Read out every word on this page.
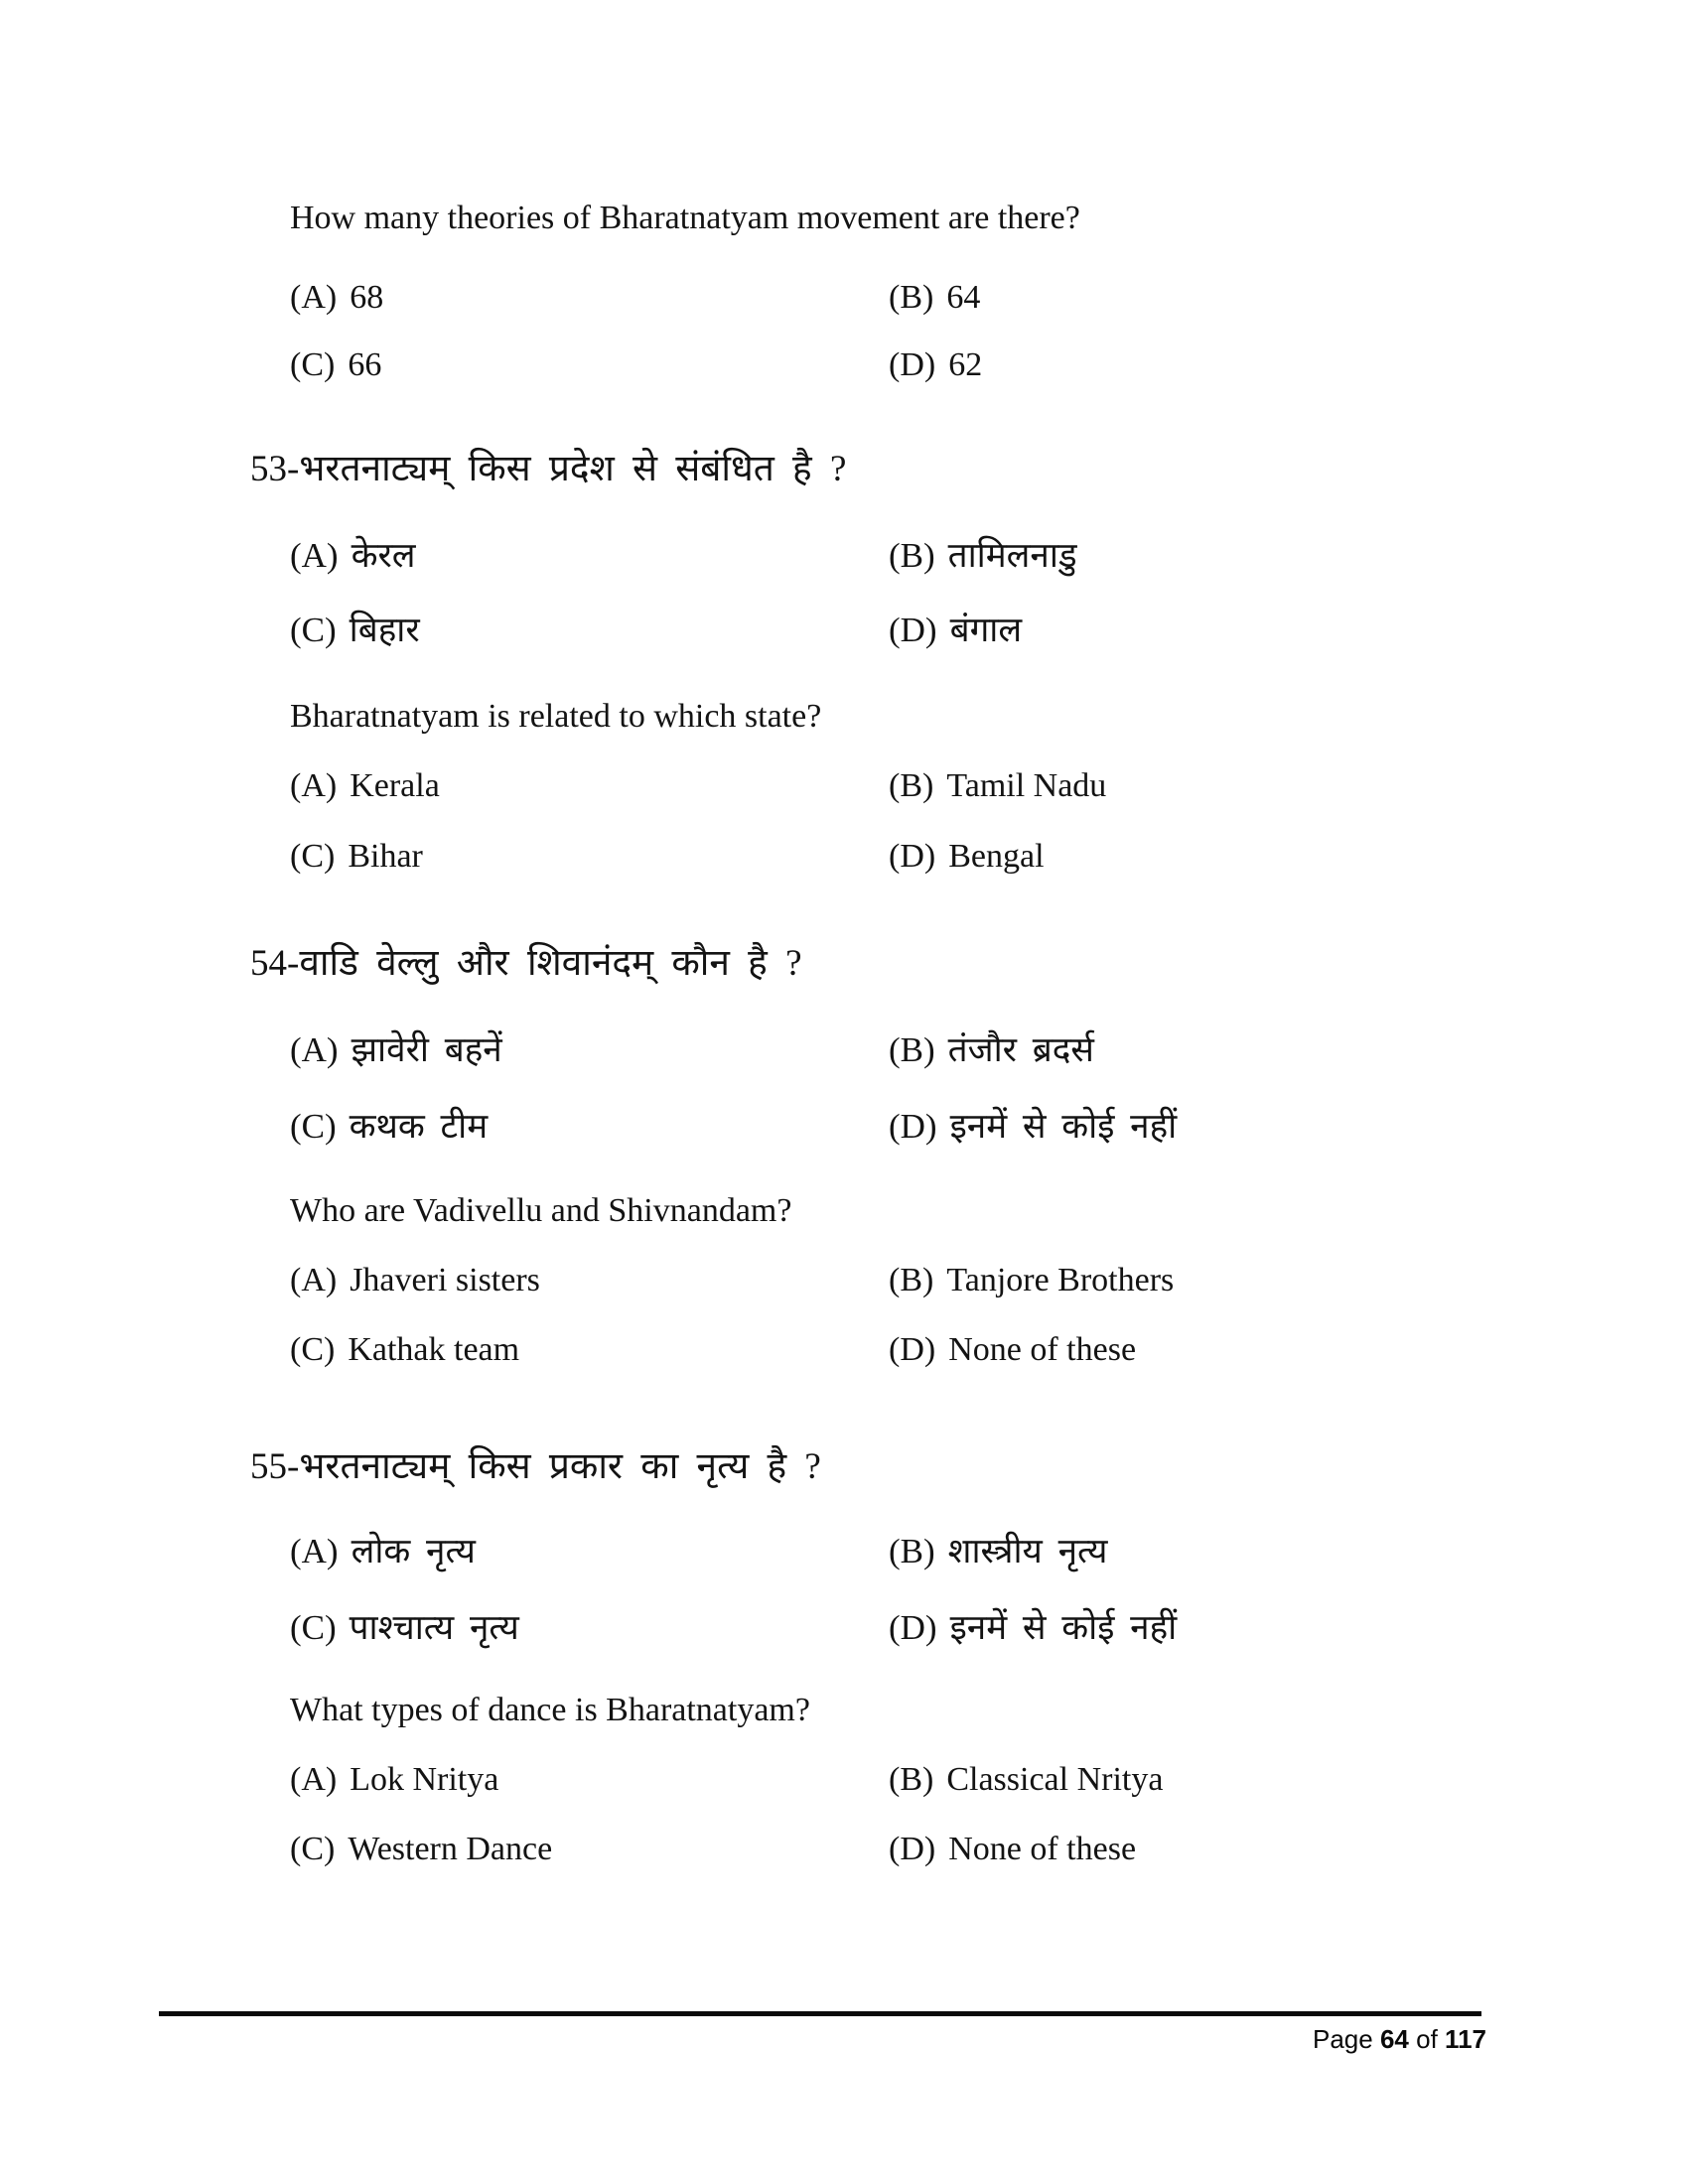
How many theories of Bharatnatyam movement are there?
(A) 68	(B) 64
(C) 66	(D) 62
53-भरतनाट्यम् किस प्रदेश से संबंधित है ?
(A) केरल	(B) तामिलनाडु
(C) बिहार	(D) बंगाल
Bharatnatyam is related to which state?
(A) Kerala	(B) Tamil Nadu
(C) Bihar	(D) Bengal
54-वाडि वेल्लु और शिवानंदम् कौन है ?
(A) झावेरी बहनें	(B) तंजौर ब्रदर्स
(C) कथक टीम	(D) इनमें से कोई नहीं
Who are Vadivellu and Shivnandam?
(A) Jhaveri sisters	(B) Tanjore Brothers
(C) Kathak team	(D) None of these
55-भरतनाट्यम् किस प्रकार का नृत्य है ?
(A) लोक नृत्य	(B) शास्त्रीय नृत्य
(C) पाश्चात्य नृत्य	(D) इनमें से कोई नहीं
What types of dance is Bharatnatyam?
(A) Lok Nritya	(B) Classical Nritya
(C) Western Dance	(D) None of these
Page 64 of 117
